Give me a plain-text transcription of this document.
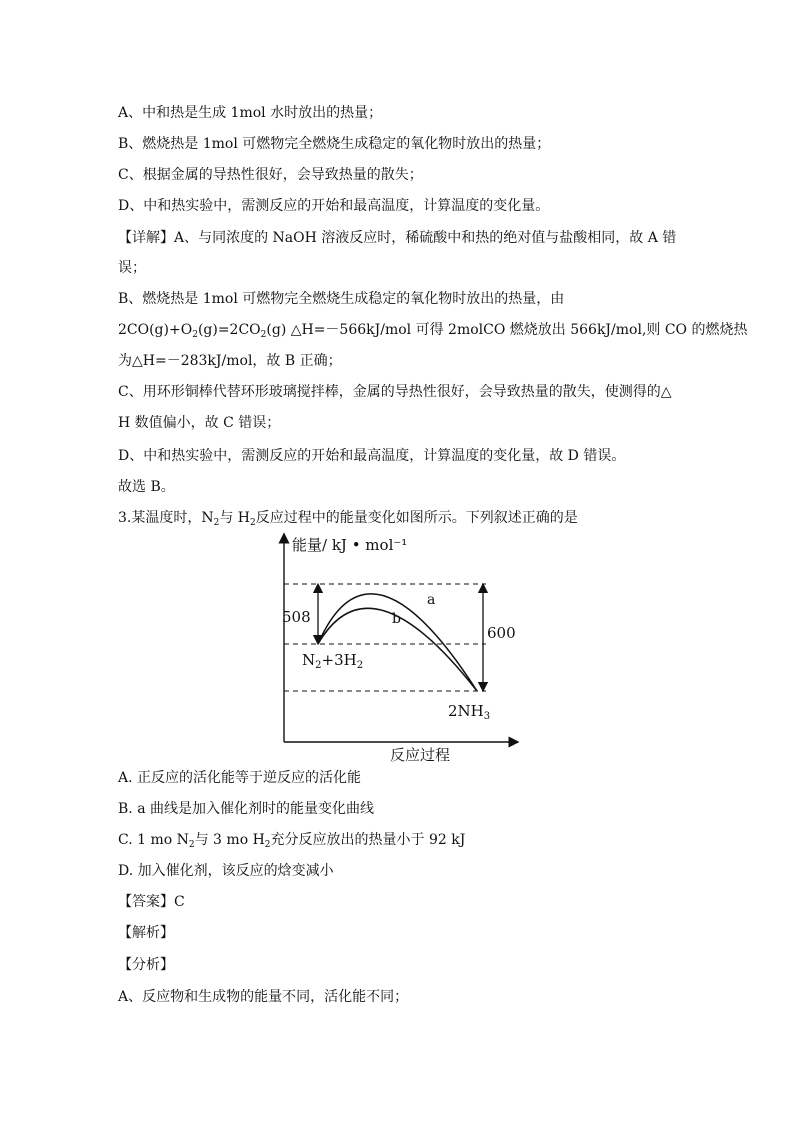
A、中和热是生成 1mol 水时放出的热量；
B、燃烧热是 1mol 可燃物完全燃烧生成稳定的氧化物时放出的热量；
C、根据金属的导热性很好，会导致热量的散失；
D、中和热实验中，需测反应的开始和最高温度，计算温度的变化量。
【详解】A、与同浓度的 NaOH 溶液反应时，稀硫酸中和热的绝对值与盐酸相同，故 A 错
误；
B、燃烧热是 1mol 可燃物完全燃烧生成稳定的氧化物时放出的热量，由
$2CO(g)+O_2(g)=2CO_2(g)$ △H=－566kJ/mol 可得 2molCO 燃烧放出 566kJ/mol,则 CO 的燃烧热
为△H=－283kJ/mol，故 B 正确；
C、用环形铜棒代替环形玻璃搅拌棒，金属的导热性很好，会导致热量的散失，使测得的△
H 数值偏小，故 C 错误；
D、中和热实验中，需测反应的开始和最高温度，计算温度的变化量，故 D 错误。
故选 B。
3.某温度时，$N_2$与 $H_2$反应过程中的能量变化如图所示。下列叙述正确的是
能量/ kJ • mol⁻¹
反应过程
508
600
a
b
$N_2+3H_2$
$2NH_3$
A. 正反应的活化能等于逆反应的活化能
B. a 曲线是加入催化剂时的能量变化曲线
C. 1 mo $N_2$与 3 mo $H_2$充分反应放出的热量小于 92 kJ
D. 加入催化剂，该反应的焓变减小
【答案】C
【解析】
【分析】
A、反应物和生成物的能量不同，活化能不同；
